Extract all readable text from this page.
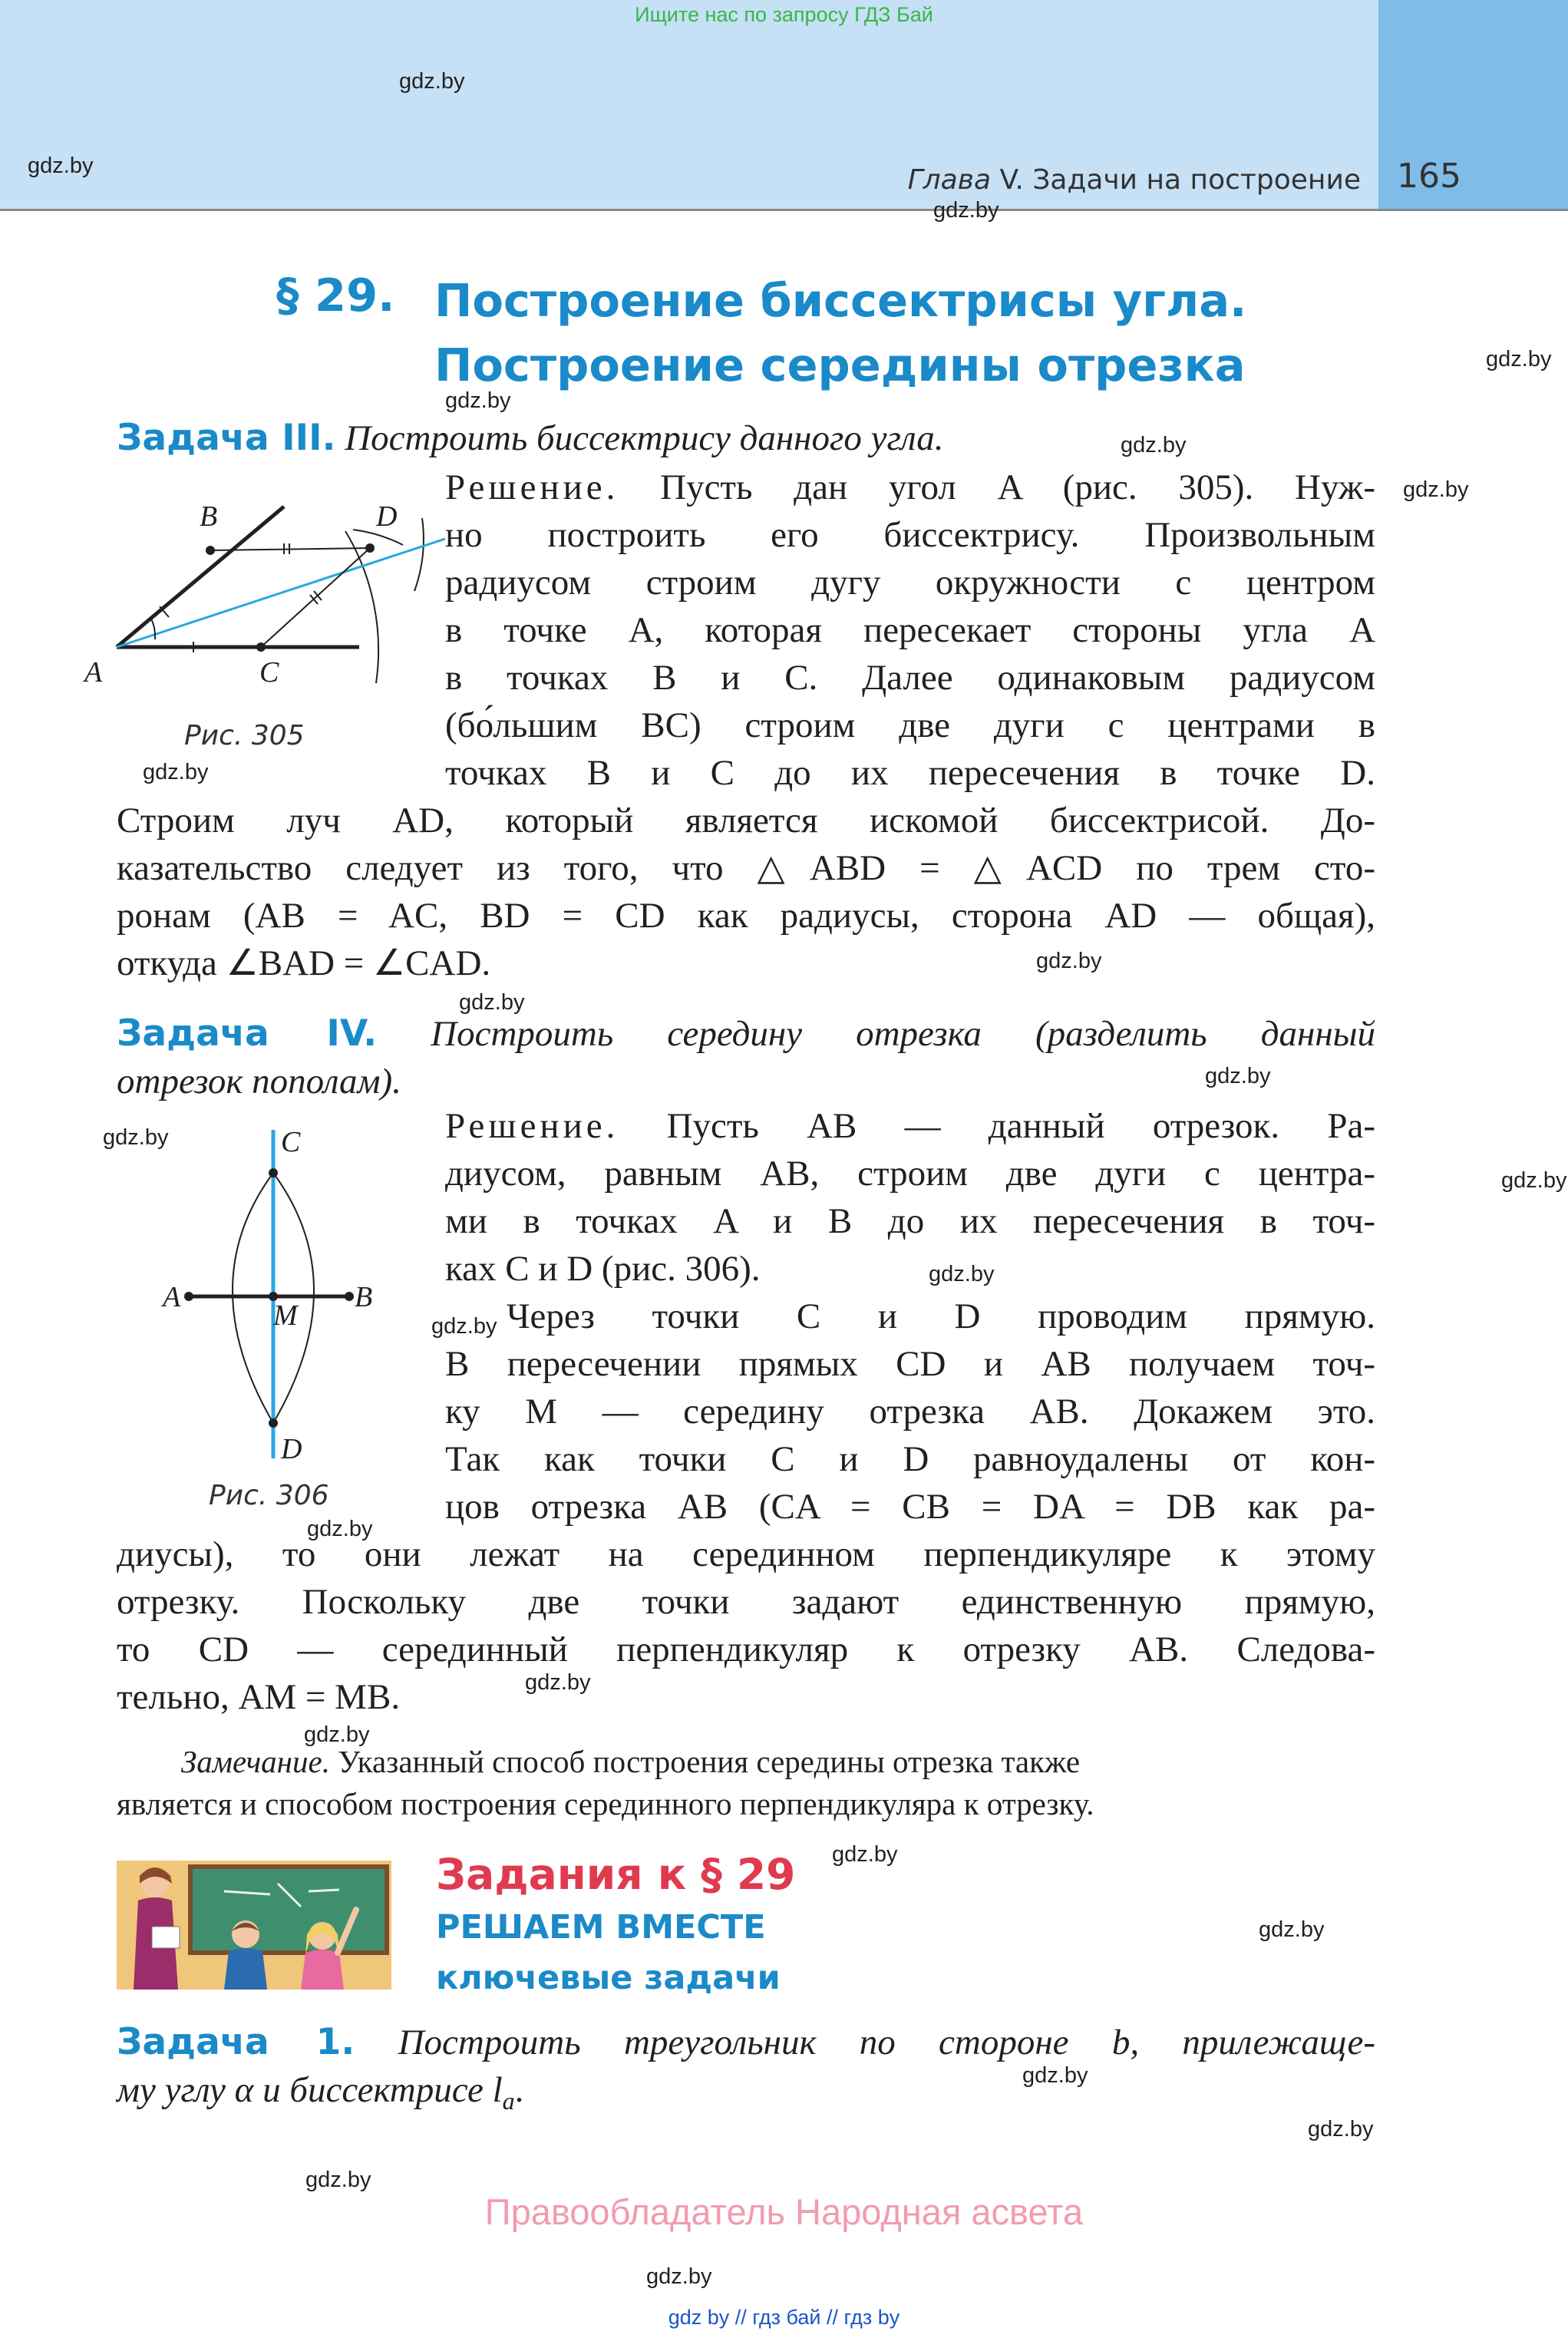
Ищите нас по запросу ГДЗ Бай
Глава V. Задачи на построение 165
gdz.by
gdz.by
gdz.by
gdz.by
gdz.by
gdz.by
gdz.by
gdz.by
gdz.by
gdz.by
gdz.by
gdz.by
gdz.by
gdz.by
gdz.by
gdz.by
gdz.by
gdz.by
gdz.by
gdz.by
gdz.by
gdz.by
gdz.by
gdz.by
§ 29. Построение биссектрисы угла.
Построение середины отрезка
Задача III. Построить биссектрису данного угла.
A
B
C
D
Рис. 305
Решение. Пусть дан угол A (рис. 305). Нуж-
но построить его биссектрису. Произвольным
радиусом строим дугу окружности с центром
в точке A, которая пересекает стороны угла A
в точках B и C. Далее одинаковым радиусом
(бо́льшим BC) строим две дуги с центрами в
точках B и C до их пересечения в точке D.
Строим луч AD, который является искомой биссектрисой. До-
казательство следует из того, что △ABD = △ACD по трем сто-
ронам (AB = AC, BD = CD как радиусы, сторона AD — общая),
откуда ∠BAD = ∠CAD.
Задача IV. Построить середину отрезка (разделить данный
отрезок пополам).
A	B
C
D
M
Рис. 306
Решение. Пусть AB — данный отрезок. Ра-
диусом, равным AB, строим две дуги с центра-
ми в точках A и B до их пересечения в точ-
ках C и D (рис. 306).
Через точки C и D проводим прямую.
В пересечении прямых CD и AB получаем точ-
ку M — середину отрезка AB. Докажем это.
Так как точки C и D равноудалены от кон-
цов отрезка AB (CA = CB = DA = DB как ра-
диусы), то они лежат на серединном перпендикуляре к этому
отрезку. Поскольку две точки задают единственную прямую,
то CD — серединный перпендикуляр к отрезку AB. Следова-
тельно, AM = MB.
Замечание. Указанный способ построения середины отрезка также
является и способом построения серединного перпендикуляра к отрезку.
Задания к § 29
РЕШАЕМ ВМЕСТЕ
ключевые задачи
Задача 1. Построить треугольник по стороне b, прилежаще-
му углу α и биссектрисе $l_a$.
Правообладатель Народная асвета
gdz by // гдз бай // гдз by
